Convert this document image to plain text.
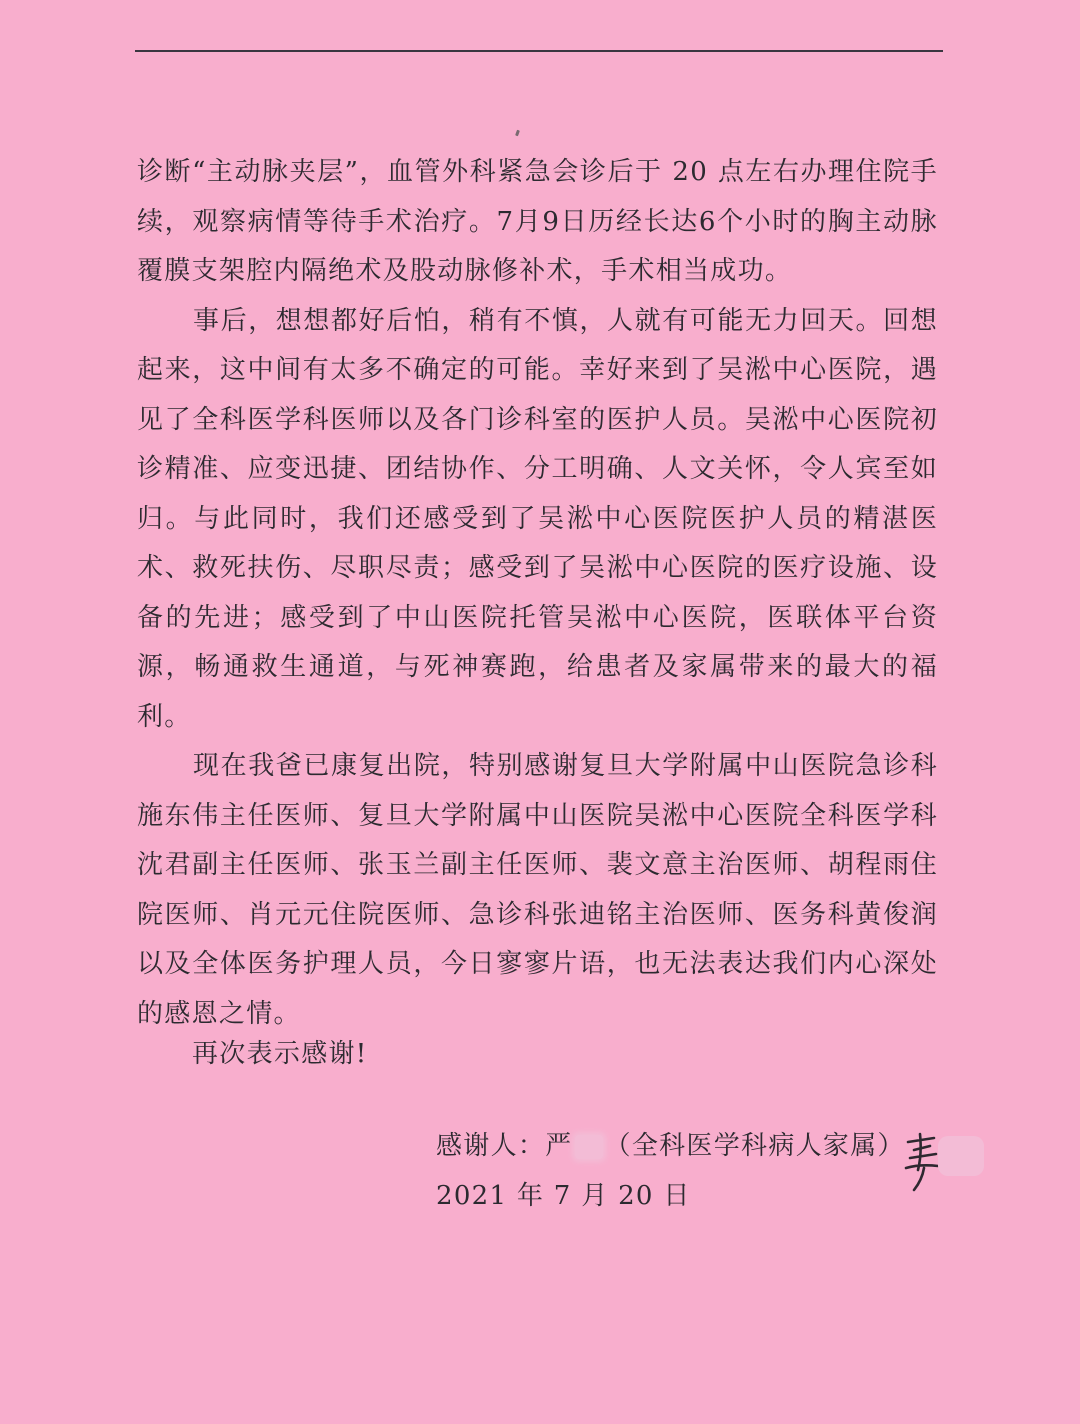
诊断“主动脉夹层”，血管外科紧急会诊后于 20 点左右办理住院手续，观察病情等待手术治疗。7月9日历经长达6个小时的胸主动脉覆膜支架腔内隔绝术及股动脉修补术，手术相当成功。

事后，想想都好后怕，稍有不慎，人就有可能无力回天。回想起来，这中间有太多不确定的可能。幸好来到了吴淞中心医院，遇见了全科医学科医师以及各门诊科室的医护人员。吴淞中心医院初诊精准、应变迅捷、团结协作、分工明确、人文关怀，令人宾至如归。与此同时，我们还感受到了吴淞中心医院医护人员的精湛医术、救死扶伤、尽职尽责；感受到了吴淞中心医院的医疗设施、设备的先进；感受到了中山医院托管吴淞中心医院，医联体平台资源，畅通救生通道，与死神赛跑，给患者及家属带来的最大的福利。

现在我爸已康复出院，特别感谢复旦大学附属中山医院急诊科施东伟主任医师、复旦大学附属中山医院吴淞中心医院全科医学科沈君副主任医师、张玉兰副主任医师、裴文意主治医师、胡程雨住院医师、肖元元住院医师、急诊科张迪铭主治医师、医务科黄俊润以及全体医务护理人员，今日寥寥片语，也无法表达我们内心深处的感恩之情。

再次表示感谢!
感谢人：严 （全科医学科病人家属）
2021 年 7 月 20 日
